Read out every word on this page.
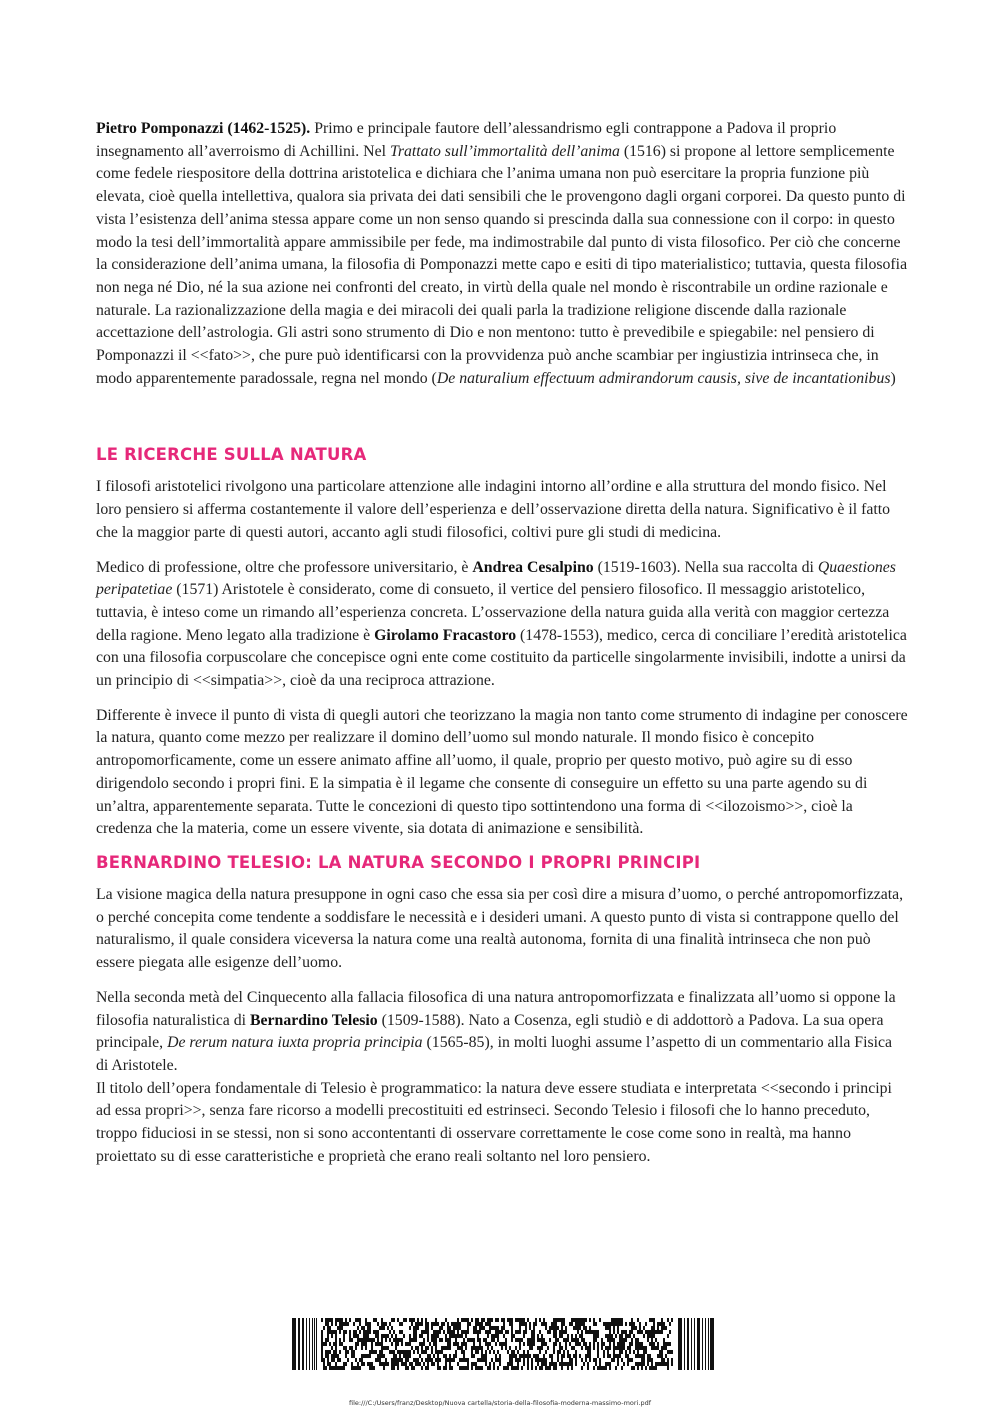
Pietro Pomponazzi (1462-1525). Primo e principale fautore dell’alessandrismo egli contrappone a Padova il proprio insegnamento all’averroismo di Achillini. Nel Trattato sull’immortalità dell’anima (1516) si propone al lettore semplicemente come fedele riespositore della dottrina aristotelica e dichiara che l’anima umana non può esercitare la propria funzione più elevata, cioè quella intellettiva, qualora sia privata dei dati sensibili che le provengono dagli organi corporei. Da questo punto di vista l’esistenza dell’anima stessa appare come un non senso quando si prescinda dalla sua connessione con il corpo: in questo modo la tesi dell’immortalità appare ammissibile per fede, ma indimostrabile dal punto di vista filosofico. Per ciò che concerne la considerazione dell’anima umana, la filosofia di Pomponazzi mette capo e esiti di tipo materialistico; tuttavia, questa filosofia non nega né Dio, né la sua azione nei confronti del creato, in virtù della quale nel mondo è riscontrabile un ordine razionale e naturale. La razionalizzazione della magia e dei miracoli dei quali parla la tradizione religione discende dalla razionale accettazione dell’astrologia. Gli astri sono strumento di Dio e non mentono: tutto è prevedibile e spiegabile: nel pensiero di Pomponazzi il <<fato>>, che pure può identificarsi con la provvidenza può anche scambiar per ingiustizia intrinseca che, in modo apparentemente paradossale, regna nel mondo (De naturalium effectuum admirandorum causis, sive de incantationibus)

LE RICERCHE SULLA NATURA

I filosofi aristotelici rivolgono una particolare attenzione alle indagini intorno all’ordine e alla struttura del mondo fisico. Nel loro pensiero si afferma costantemente il valore dell’esperienza e dell’osservazione diretta della natura. Significativo è il fatto che la maggior parte di questi autori, accanto agli studi filosofici, coltivi pure gli studi di medicina.

Medico di professione, oltre che professore universitario, è Andrea Cesalpino (1519-1603). Nella sua raccolta di Quaestiones peripatetiae (1571) Aristotele è considerato, come di consueto, il vertice del pensiero filosofico. Il messaggio aristotelico, tuttavia, è inteso come un rimando all’esperienza concreta. L’osservazione della natura guida alla verità con maggior certezza della ragione. Meno legato alla tradizione è Girolamo Fracastoro (1478-1553), medico, cerca di conciliare l’eredità aristotelica con una filosofia corpuscolare che concepisce ogni ente come costituito da particelle singolarmente invisibili, indotte a unirsi da un principio di <<simpatia>>, cioè da una reciproca attrazione.

Differente è invece il punto di vista di quegli autori che teorizzano la magia non tanto come strumento di indagine per conoscere la natura, quanto come mezzo per realizzare il domino dell’uomo sul mondo naturale. Il mondo fisico è concepito antropomorficamente, come un essere animato affine all’uomo, il quale, proprio per questo motivo, può agire su di esso dirigendolo secondo i propri fini. E la simpatia è il legame che consente di conseguire un effetto su una parte agendo su di un’altra, apparentemente separata. Tutte le concezioni di questo tipo sottintendono una forma di <<ilozoismo>>, cioè la credenza che la materia, come un essere vivente, sia dotata di animazione e sensibilità.

BERNARDINO TELESIO: LA NATURA SECONDO I PROPRI PRINCIPI

La visione magica della natura presuppone in ogni caso che essa sia per così dire a misura d’uomo, o perché antropomorfizzata, o perché concepita come tendente a soddisfare le necessità e i desideri umani. A questo punto di vista si contrappone quello del naturalismo, il quale considera viceversa la natura come una realtà autonoma, fornita di una finalità intrinseca che non può essere piegata alle esigenze dell’uomo.

Nella seconda metà del Cinquecento alla fallacia filosofica di una natura antropomorfizzata e finalizzata all’uomo si oppone la filosofia naturalistica di Bernardino Telesio (1509-1588). Nato a Cosenza, egli studiò e di addottorò a Padova. La sua opera principale, De rerum natura iuxta propria principia (1565-85), in molti luoghi assume l’aspetto di un commentario alla Fisica di Aristotele.
Il titolo dell’opera fondamentale di Telesio è programmatico: la natura deve essere studiata e interpretata <<secondo i principi ad essa propri>>, senza fare ricorso a modelli precostituiti ed estrinseci. Secondo Telesio i filosofi che lo hanno preceduto, troppo fiduciosi in se stessi, non si sono accontentanti di osservare correttamente le cose come sono in realtà, ma hanno proiettato su di esse caratteristiche e proprietà che erano reali soltanto nel loro pensiero.

file:///C:/Users/franz/Desktop/Nuova cartella/storia-della-filosofia-moderna-massimo-mori.pdf
